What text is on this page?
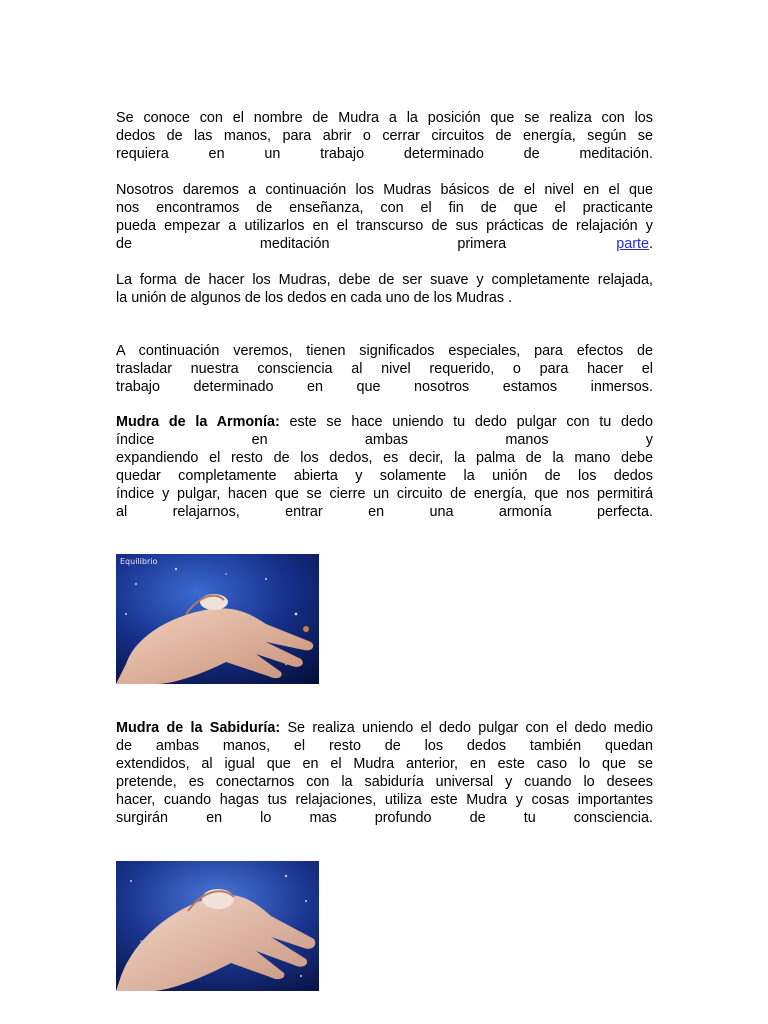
Se conoce con el nombre de Mudra a la posición que se realiza con los
dedos de las manos, para abrir o cerrar circuitos de energía, según se
requiera en un trabajo determinado de meditación.
Nosotros daremos a continuación los Mudras básicos de el nivel en el que
nos encontramos de enseñanza, con el fin de que el practicante
pueda empezar a utilizarlos en el transcurso de sus prácticas de relajación y
de	meditación	primera	parte.
La forma de hacer los Mudras, debe de ser suave y completamente relajada,
la unión de algunos de los dedos en cada uno de los Mudras .
A continuación veremos, tienen significados especiales, para efectos de
trasladar nuestra consciencia al nivel requerido, o para hacer el
trabajo determinado en que nosotros estamos inmersos.
Mudra de la Armonía: este se hace uniendo tu dedo pulgar con tu dedo
índice en ambas manos y
expandiendo el resto de los dedos, es decir, la palma de la mano debe
quedar completamente abierta y solamente la unión de los dedos
índice y pulgar, hacen que se cierre un circuito de energía, que nos permitirá
al relajarnos, entrar en una armonía perfecta.
Equilibrio
Mudra de la Sabiduría: Se realiza uniendo el dedo pulgar con el dedo medio
de ambas manos, el resto de los dedos también quedan
extendidos, al igual que en el Mudra anterior, en este caso lo que se
pretende, es conectarnos con la sabiduría universal y cuando lo desees
hacer, cuando hagas tus relajaciones, utiliza este Mudra y cosas importantes
surgirán en lo mas profundo de tu consciencia.
